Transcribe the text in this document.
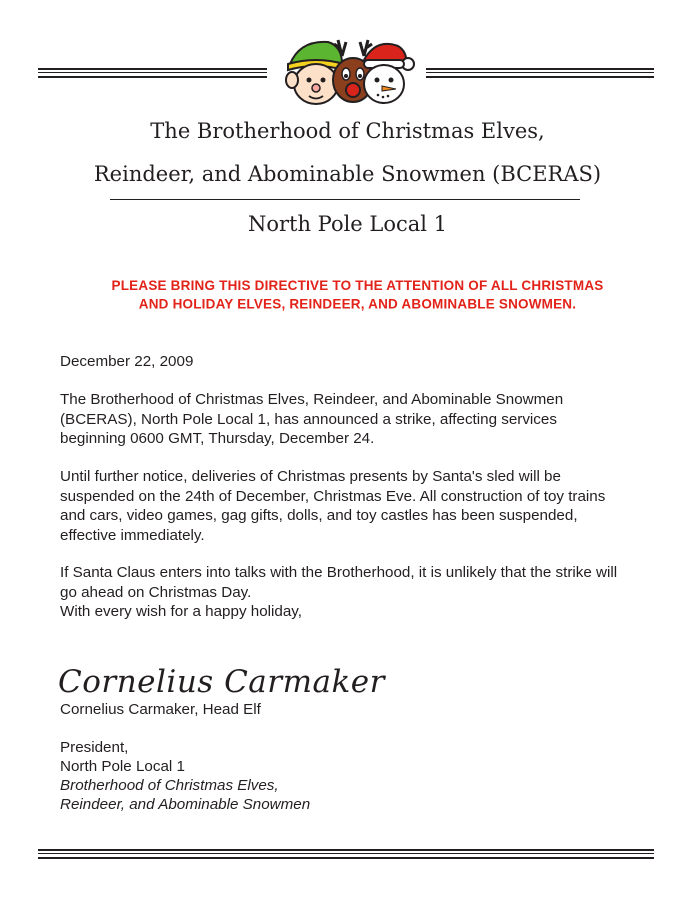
The Brotherhood of Christmas Elves,
Reindeer, and Abominable Snowmen (BCERAS)
North Pole Local 1
PLEASE BRING THIS DIRECTIVE TO THE ATTENTION OF ALL CHRISTMAS
AND HOLIDAY ELVES, REINDEER, AND ABOMINABLE SNOWMEN.
December 22, 2009

The Brotherhood of Christmas Elves, Reindeer, and Abominable Snowmen (BCERAS), North Pole Local 1, has announced a strike, affecting services beginning 0600 GMT, Thursday, December 24.

Until further notice, deliveries of Christmas presents by Santa's sled will be suspended on the 24th of December, Christmas Eve. All construction of toy trains and cars, video games, gag gifts, dolls, and toy castles has been suspended, effective immediately.

If Santa Claus enters into talks with the Brotherhood, it is unlikely that the strike will go ahead on Christmas Day.

With every wish for a happy holiday,
Cornelius Carmaker
Cornelius Carmaker, Head Elf
President,
North Pole Local 1
Brotherhood of Christmas Elves,
Reindeer, and Abominable Snowmen
